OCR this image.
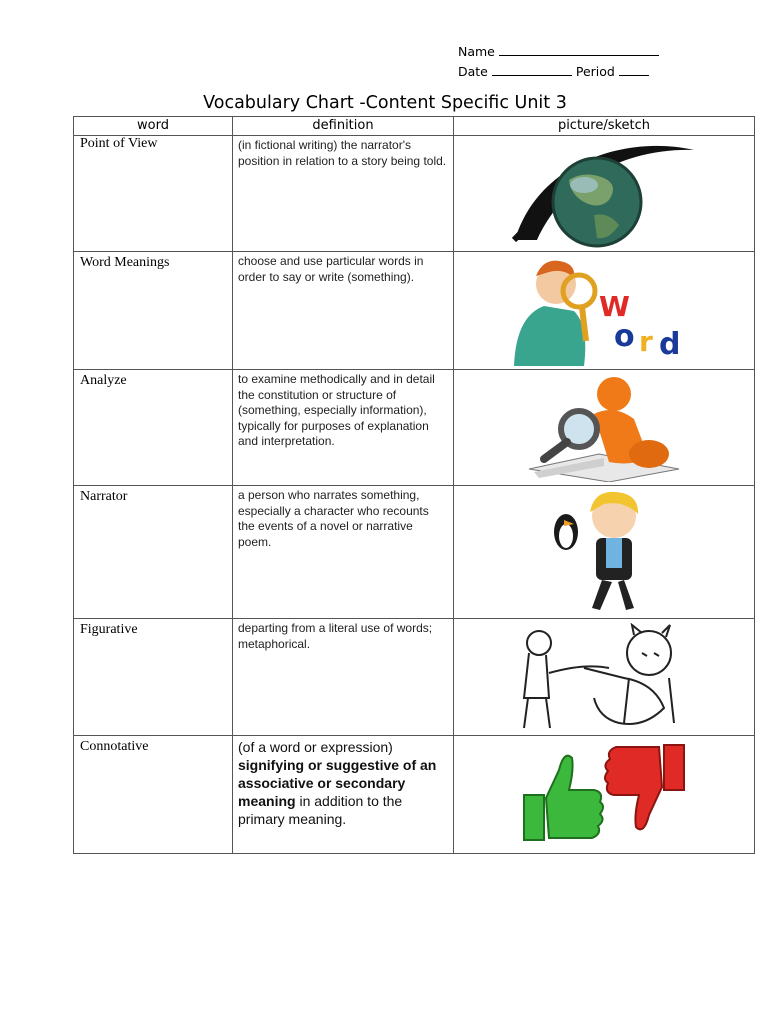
Name
Date	Period
Vocabulary Chart -Content Specific Unit 3
word	definition	picture/sketch
Point of View	(in fictional writing) the narrator's position in relation to a story being told.	

Word Meanings	choose and use particular words in order to say or write (something).	W
o r d

Analyze	to examine methodically and in detail the constitution or structure of (something, especially information), typically for purposes of explanation and interpretation.	

Narrator	a person who narrates something, especially a character who recounts the events of a novel or narrative poem.	

Figurative	departing from a literal use of words; metaphorical.	

Connotative	(of a word or expression) signifying or suggestive of an associative or secondary meaning in addition to the primary meaning.	
